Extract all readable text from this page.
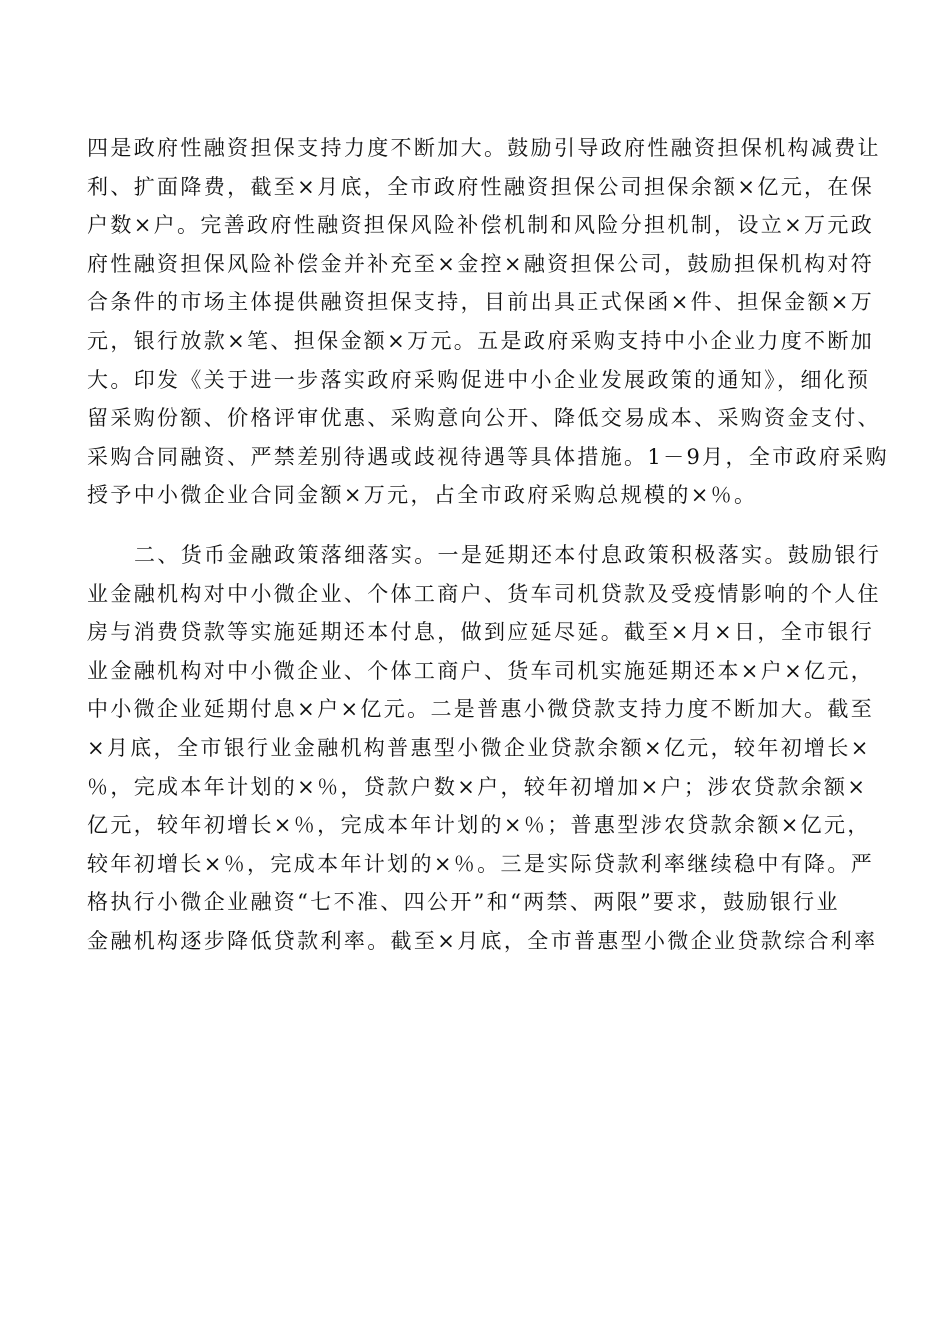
四是政府性融资担保支持力度不断加大。鼓励引导政府性融资担保机构减费让
利、扩面降费，截至×月底，全市政府性融资担保公司担保余额×亿元，在保
户数×户。完善政府性融资担保风险补偿机制和风险分担机制，设立×万元政
府性融资担保风险补偿金并补充至×金控×融资担保公司，鼓励担保机构对符
合条件的市场主体提供融资担保支持，目前出具正式保函×件、担保金额×万
元，银行放款×笔、担保金额×万元。五是政府采购支持中小企业力度不断加
大。印发《关于进一步落实政府采购促进中小企业发展政策的通知》，细化预
留采购份额、价格评审优惠、采购意向公开、降低交易成本、采购资金支付、
采购合同融资、严禁差别待遇或歧视待遇等具体措施。1－9月，全市政府采购
授予中小微企业合同金额×万元，占全市政府采购总规模的×％。
二、货币金融政策落细落实。一是延期还本付息政策积极落实。鼓励银行
业金融机构对中小微企业、个体工商户、货车司机贷款及受疫情影响的个人住
房与消费贷款等实施延期还本付息，做到应延尽延。截至×月×日，全市银行
业金融机构对中小微企业、个体工商户、货车司机实施延期还本×户×亿元，
中小微企业延期付息×户×亿元。二是普惠小微贷款支持力度不断加大。截至
×月底，全市银行业金融机构普惠型小微企业贷款余额×亿元，较年初增长×
％，完成本年计划的×％，贷款户数×户，较年初增加×户；涉农贷款余额×
亿元，较年初增长×％，完成本年计划的×％；普惠型涉农贷款余额×亿元，
较年初增长×％，完成本年计划的×％。三是实际贷款利率继续稳中有降。严
格执行小微企业融资“七不准、四公开”和“两禁、两限”要求，鼓励银行业
金融机构逐步降低贷款利率。截至×月底，全市普惠型小微企业贷款综合利率
